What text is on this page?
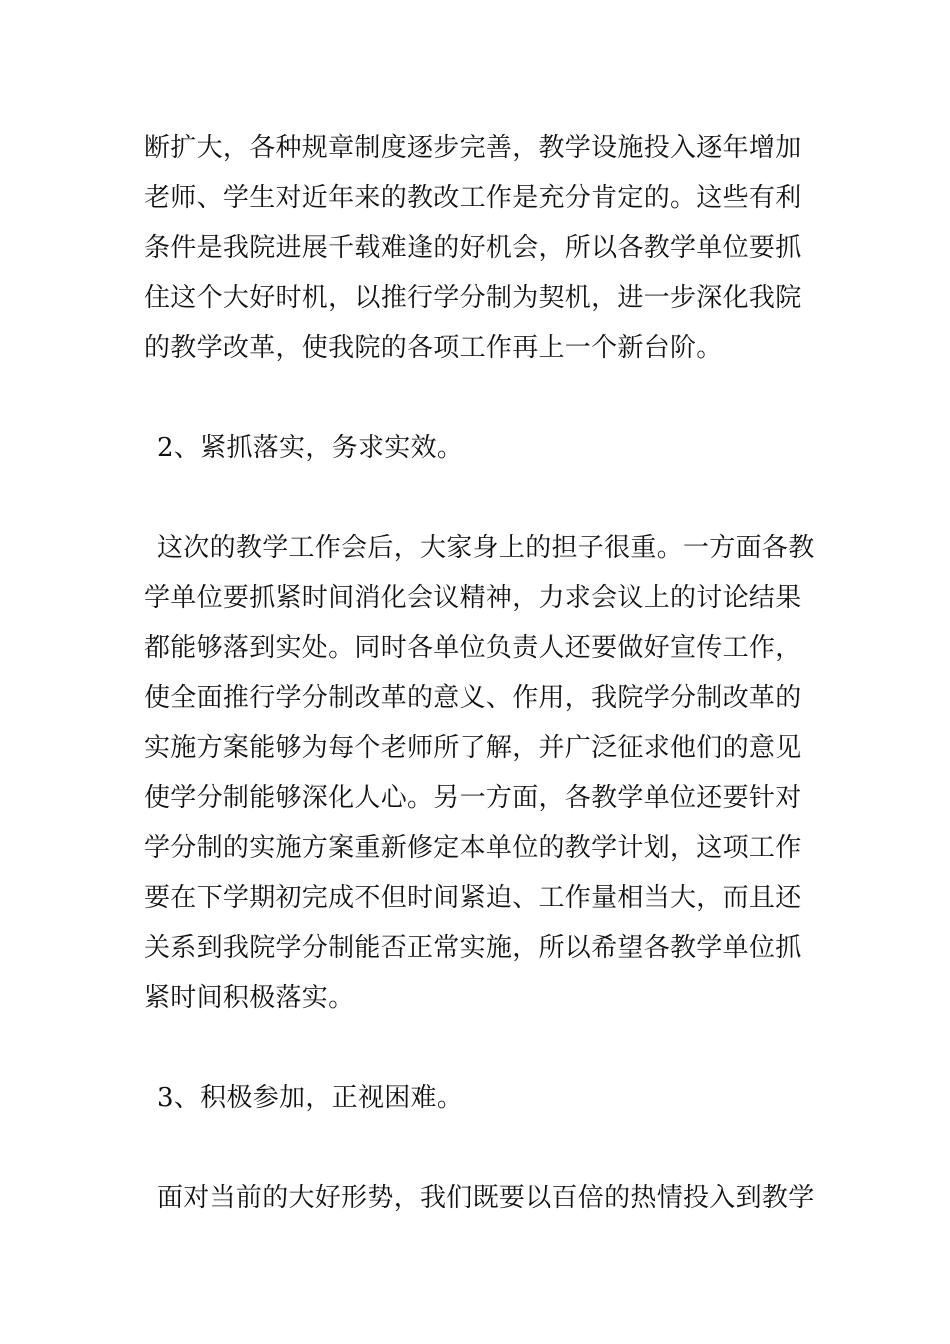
断扩大，各种规章制度逐步完善，教学设施投入逐年增加
老师、学生对近年来的教改工作是充分肯定的。这些有利
条件是我院进展千载难逢的好机会，所以各教学单位要抓
住这个大好时机，以推行学分制为契机，进一步深化我院
的教学改革，使我院的各项工作再上一个新台阶。
2、紧抓落实，务求实效。
这次的教学工作会后，大家身上的担子很重。一方面各教
学单位要抓紧时间消化会议精神，力求会议上的讨论结果
都能够落到实处。同时各单位负责人还要做好宣传工作，
使全面推行学分制改革的意义、作用，我院学分制改革的
实施方案能够为每个老师所了解，并广泛征求他们的意见
使学分制能够深化人心。另一方面，各教学单位还要针对
学分制的实施方案重新修定本单位的教学计划，这项工作
要在下学期初完成不但时间紧迫、工作量相当大，而且还
关系到我院学分制能否正常实施，所以希望各教学单位抓
紧时间积极落实。
3、积极参加，正视困难。
面对当前的大好形势，我们既要以百倍的热情投入到教学
